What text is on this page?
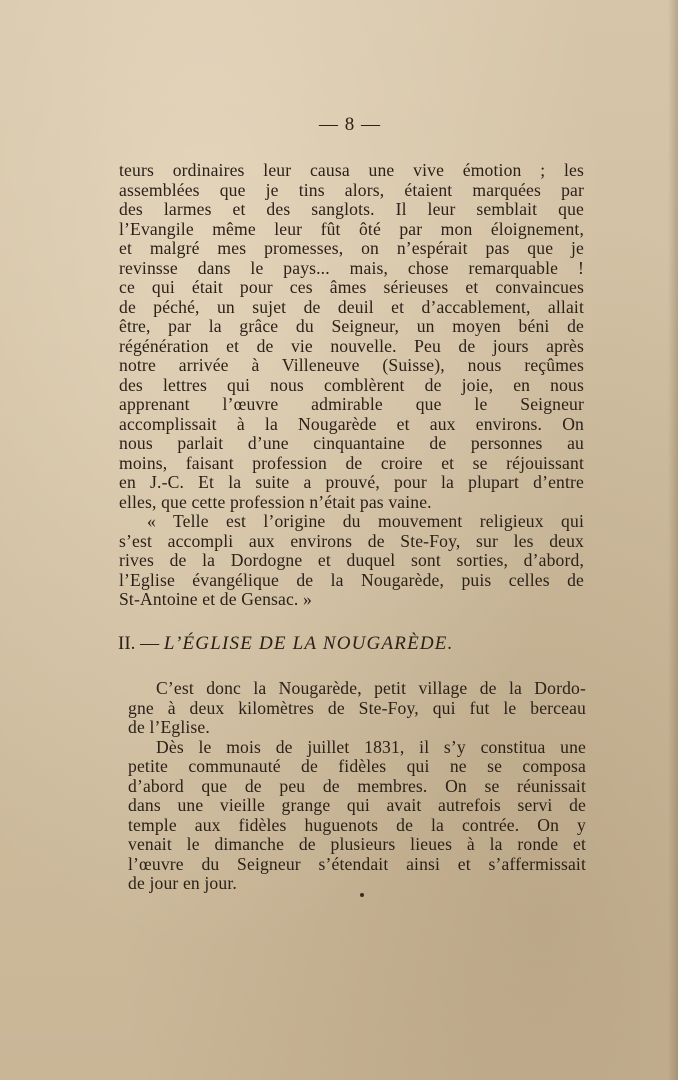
— 8 —
teurs ordinaires leur causa une vive émotion ; les
assemblées que je tins alors, étaient marquées par
des larmes et des sanglots. Il leur semblait que
l’Evangile même leur fût ôté par mon éloignement,
et malgré mes promesses, on n’espérait pas que je
revinsse dans le pays... mais, chose remarquable !
ce qui était pour ces âmes sérieuses et convaincues
de péché, un sujet de deuil et d’accablement, allait
être, par la grâce du Seigneur, un moyen béni de
régénération et de vie nouvelle. Peu de jours après
notre arrivée à Villeneuve (Suisse), nous reçûmes
des lettres qui nous comblèrent de joie, en nous
apprenant l’œuvre admirable que le Seigneur
accomplissait à la Nougarède et aux environs. On
nous parlait d’une cinquantaine de personnes au
moins, faisant profession de croire et se réjouissant
en J.-C. Et la suite a prouvé, pour la plupart d’entre
elles, que cette profession n’était pas vaine.
« Telle est l’origine du mouvement religieux qui
s’est accompli aux environs de Ste-Foy, sur les deux
rives de la Dordogne et duquel sont sorties, d’abord,
l’Eglise évangélique de la Nougarède, puis celles de
St-Antoine et de Gensac. »
II. — L’ÉGLISE DE LA NOUGARÈDE.
C’est donc la Nougarède, petit village de la Dordo-
gne à deux kilomètres de Ste-Foy, qui fut le berceau
de l’Eglise.
Dès le mois de juillet 1831, il s’y constitua une
petite communauté de fidèles qui ne se composa
d’abord que de peu de membres. On se réunissait
dans une vieille grange qui avait autrefois servi de
temple aux fidèles huguenots de la contrée. On y
venait le dimanche de plusieurs lieues à la ronde et
l’œuvre du Seigneur s’étendait ainsi et s’affermissait
de jour en jour.
